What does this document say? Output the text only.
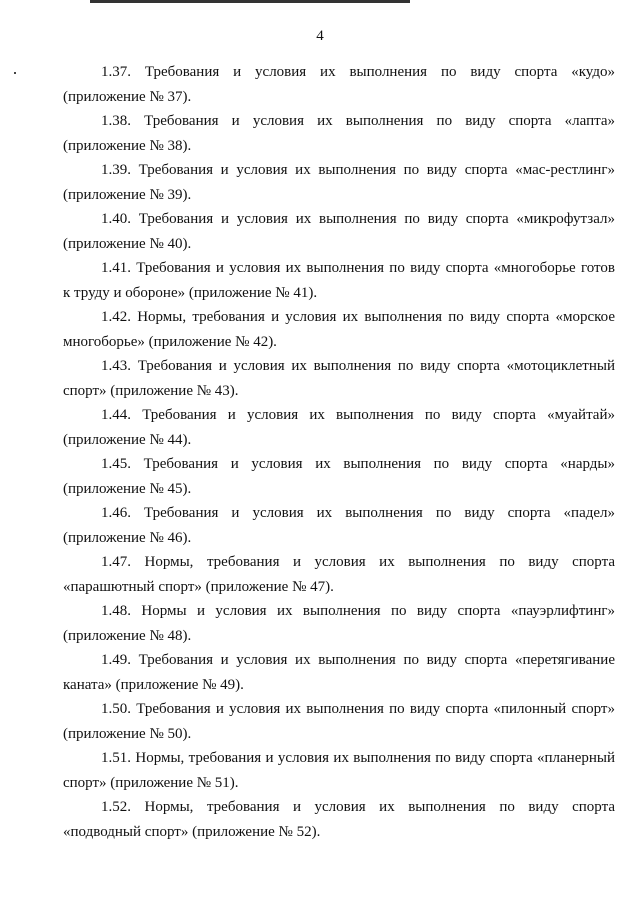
4

1.37. Требования и условия их выполнения по виду спорта «кудо»
(приложение № 37).

1.38. Требования и условия их выполнения по виду спорта «лапта»
(приложение № 38).

1.39. Требования и условия их выполнения по виду спорта «мас-рестлинг»
(приложение № 39).

1.40. Требования и условия их выполнения по виду спорта «микрофутзал»
(приложение № 40).

1.41. Требования и условия их выполнения по виду спорта «многоборье готов
к труду и обороне» (приложение № 41).

1.42. Нормы, требования и условия их выполнения по виду спорта «морское
многоборье» (приложение № 42).

1.43. Требования и условия их выполнения по виду спорта «мотоциклетный
спорт» (приложение № 43).

1.44. Требования и условия их выполнения по виду спорта «муайтай»
(приложение № 44).

1.45. Требования и условия их выполнения по виду спорта «нарды»
(приложение № 45).

1.46. Требования и условия их выполнения по виду спорта «падел»
(приложение № 46).

1.47. Нормы, требования и условия их выполнения по виду спорта
«парашютный спорт» (приложение № 47).

1.48. Нормы и условия их выполнения по виду спорта «пауэрлифтинг»
(приложение № 48).

1.49. Требования и условия их выполнения по виду спорта «перетягивание
каната» (приложение № 49).

1.50. Требования и условия их выполнения по виду спорта «пилонный спорт»
(приложение № 50).

1.51. Нормы, требования и условия их выполнения по виду спорта «планерный
спорт» (приложение № 51).

1.52. Нормы, требования и условия их выполнения по виду спорта
«подводный спорт» (приложение № 52).
